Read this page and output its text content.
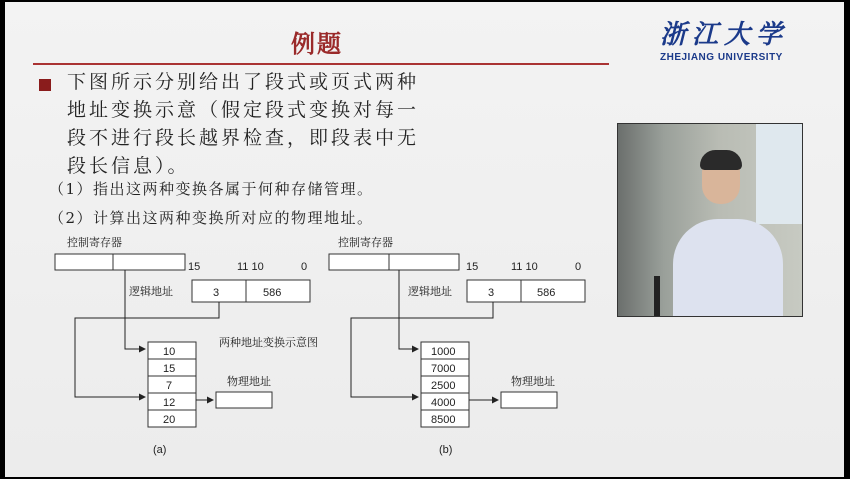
例题	浙江大学
ZHEJIANG UNIVERSITY
下图所示分别给出了段式或页式两种
地址变换示意（假定段式变换对每一
段不进行段长越界检查，即段表中无
段长信息）。
（1）指出这两种变换各属于何种存储管理。
（2）计算出这两种变换所对应的物理地址。
控制寄存器
15	11 10	0
逻辑地址	3	586
10
15
7
12
20
两种地址变换示意图
物理地址
(a)
控制寄存器
15	11 10	0
逻辑地址	3	586
1000
7000
2500
4000
8500
物理地址
(b)
